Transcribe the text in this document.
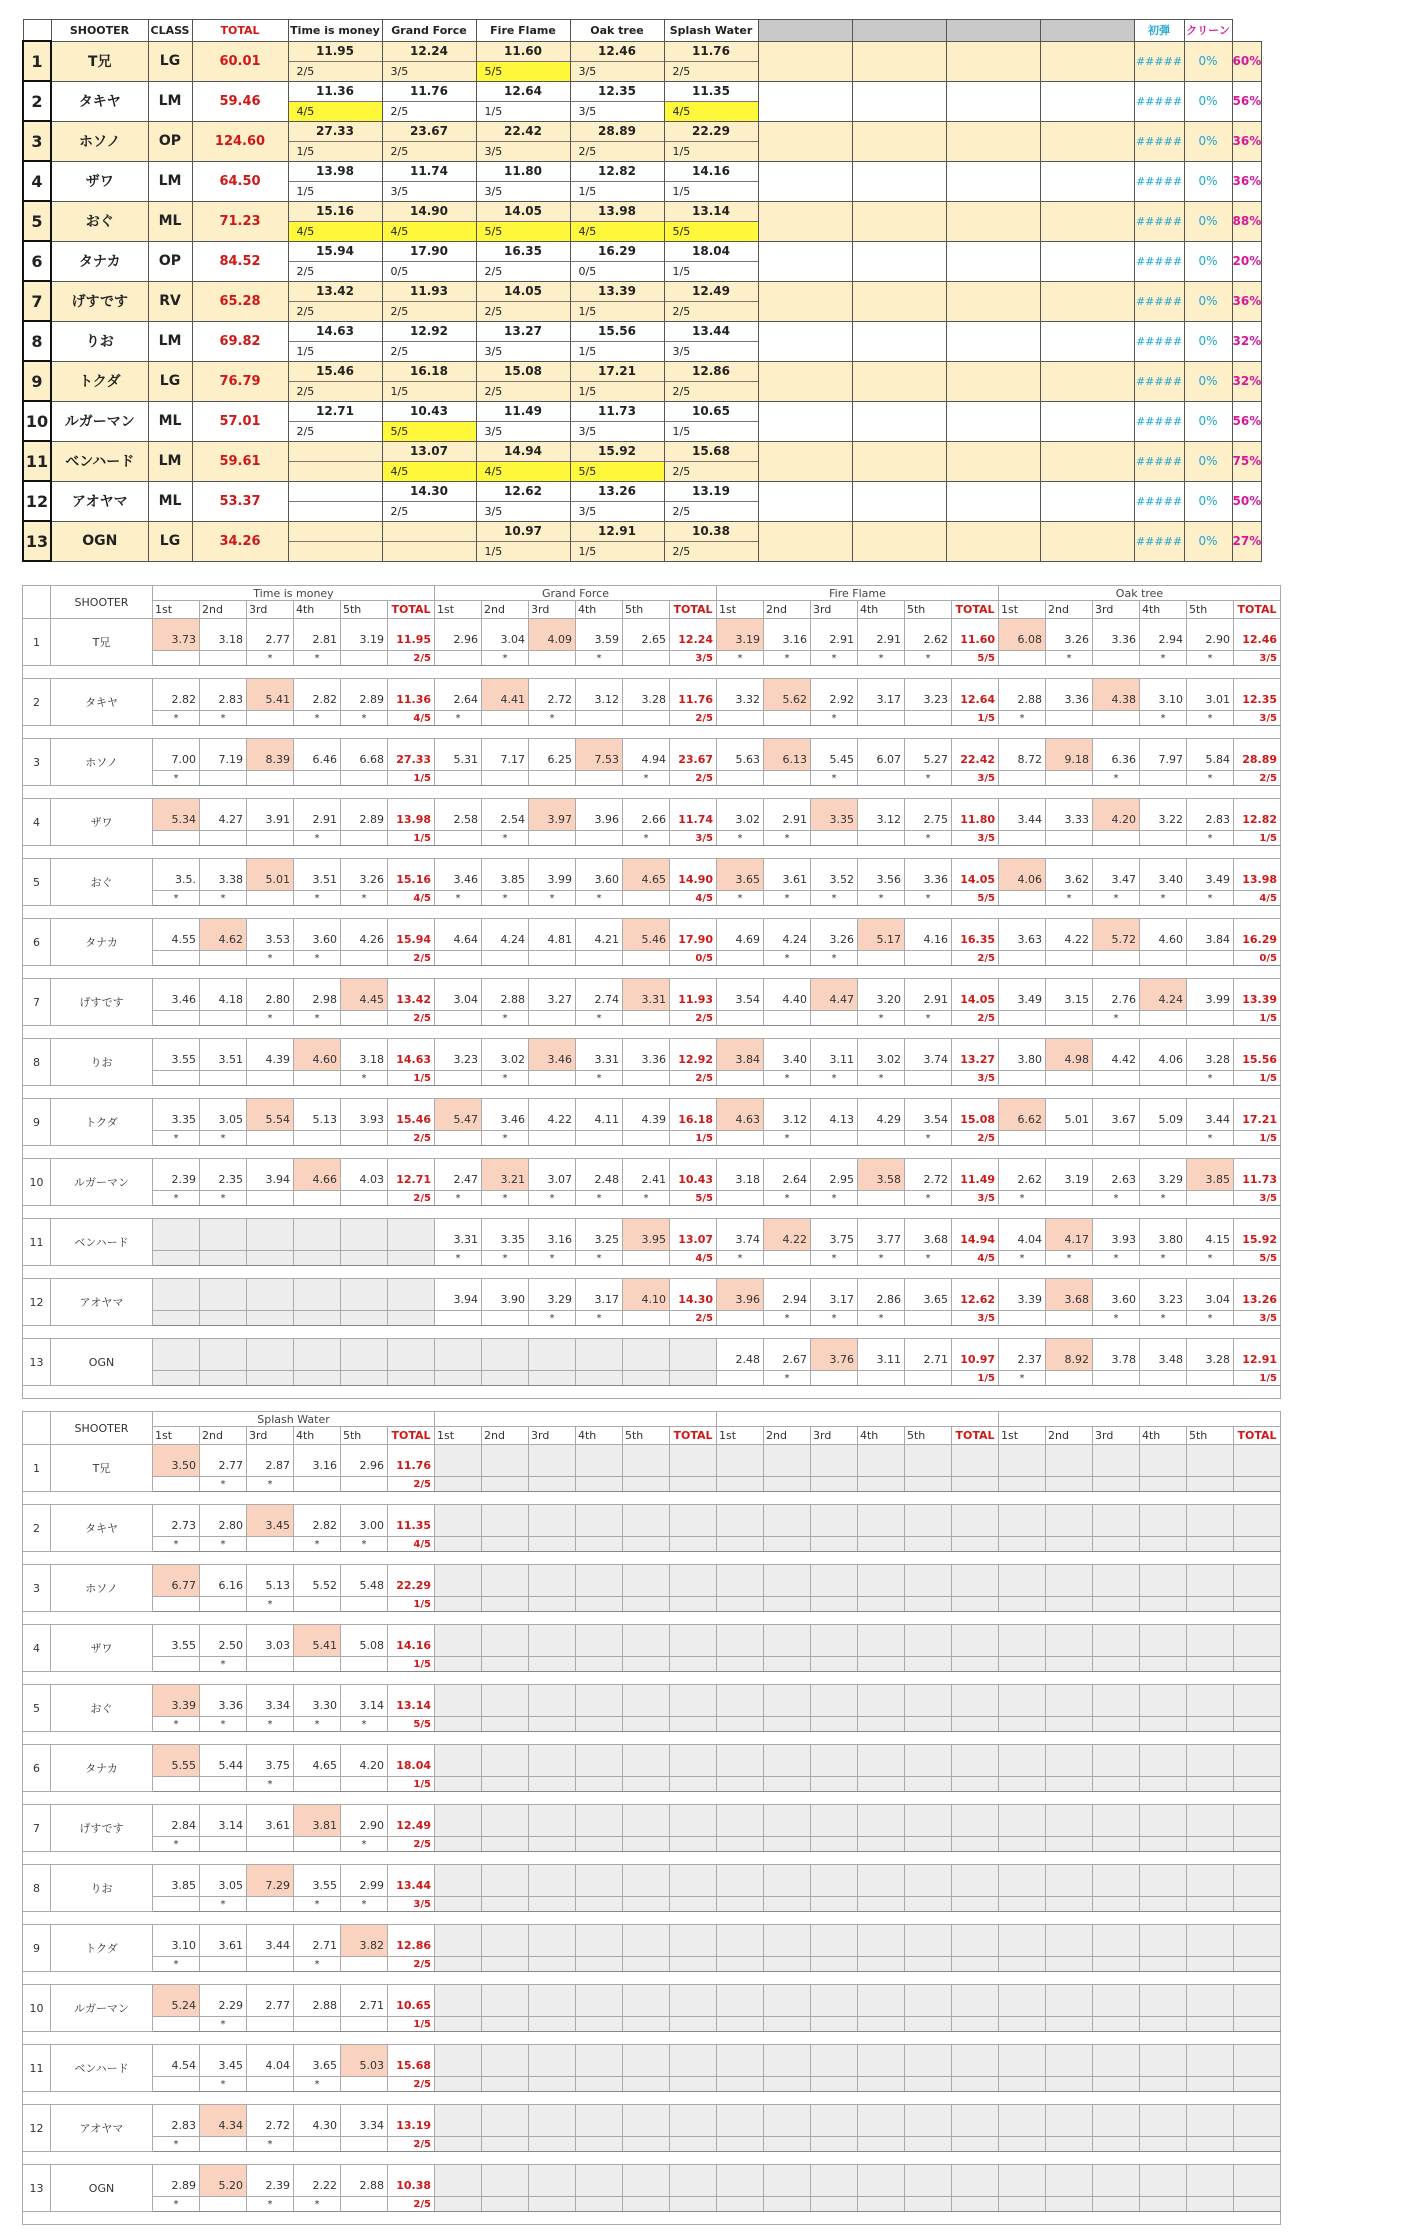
	SHOOTER	CLASS	TOTAL	Time is money	Grand Force	Fire Flame	Oak tree	Splash Water					初弾	クリーン	
1	T兄	LG	60.01	11.95	12.24	11.60	12.46	11.76					#####	0%	60%
				2/5	3/5	5/5	3/5	2/5							
2	タキヤ	LM	59.46	11.36	11.76	12.64	12.35	11.35					#####	0%	56%
				4/5	2/5	1/5	3/5	4/5							
3	ホソノ	OP	124.60	27.33	23.67	22.42	28.89	22.29					#####	0%	36%
				1/5	2/5	3/5	2/5	1/5							
4	ザワ	LM	64.50	13.98	11.74	11.80	12.82	14.16					#####	0%	36%
				1/5	3/5	3/5	1/5	1/5							
5	おぐ	ML	71.23	15.16	14.90	14.05	13.98	13.14					#####	0%	88%
				4/5	4/5	5/5	4/5	5/5							
6	タナカ	OP	84.52	15.94	17.90	16.35	16.29	18.04					#####	0%	20%
				2/5	0/5	2/5	0/5	1/5							
7	げすです	RV	65.28	13.42	11.93	14.05	13.39	12.49					#####	0%	36%
				2/5	2/5	2/5	1/5	2/5							
8	りお	LM	69.82	14.63	12.92	13.27	15.56	13.44					#####	0%	32%
				1/5	2/5	3/5	1/5	3/5							
9	トクダ	LG	76.79	15.46	16.18	15.08	17.21	12.86					#####	0%	32%
				2/5	1/5	2/5	1/5	2/5							
10	ルガーマン	ML	57.01	12.71	10.43	11.49	11.73	10.65					#####	0%	56%
				2/5	5/5	3/5	3/5	1/5							
11	ベンハード	LM	59.61		13.07	14.94	15.92	15.68					#####	0%	75%
					4/5	4/5	5/5	2/5							
12	アオヤマ	ML	53.37		14.30	12.62	13.26	13.19					#####	0%	50%
					2/5	3/5	3/5	2/5							
13	OGN	LG	34.26			10.97	12.91	10.38					#####	0%	27%
						1/5	1/5	2/5							
	SHOOTER	Time is money						Grand Force						Fire Flame						Oak tree					
		1st	2nd	3rd	4th	5th	TOTAL	1st	2nd	3rd	4th	5th	TOTAL	1st	2nd	3rd	4th	5th	TOTAL	1st	2nd	3rd	4th	5th	TOTAL
1	T兄	3.73	3.18	2.77	2.81	3.19	11.95	2.96	3.04	4.09	3.59	2.65	12.24	3.19	3.16	2.91	2.91	2.62	11.60	6.08	3.26	3.36	2.94	2.90	12.46
				*	*		2/5		*		*		3/5	*	*	*	*	*	5/5		*		*	*	3/5

2	タキヤ	2.82	2.83	5.41	2.82	2.89	11.36	2.64	4.41	2.72	3.12	3.28	11.76	3.32	5.62	2.92	3.17	3.23	12.64	2.88	3.36	4.38	3.10	3.01	12.35
		*	*		*	*	4/5	*		*			2/5			*			1/5	*			*	*	3/5

3	ホソノ	7.00	7.19	8.39	6.46	6.68	27.33	5.31	7.17	6.25	7.53	4.94	23.67	5.63	6.13	5.45	6.07	5.27	22.42	8.72	9.18	6.36	7.97	5.84	28.89
		*					1/5					*	2/5			*		*	3/5			*		*	2/5

4	ザワ	5.34	4.27	3.91	2.91	2.89	13.98	2.58	2.54	3.97	3.96	2.66	11.74	3.02	2.91	3.35	3.12	2.75	11.80	3.44	3.33	4.20	3.22	2.83	12.82
					*		1/5		*			*	3/5	*	*			*	3/5					*	1/5

5	おぐ	3.5.	3.38	5.01	3.51	3.26	15.16	3.46	3.85	3.99	3.60	4.65	14.90	3.65	3.61	3.52	3.56	3.36	14.05	4.06	3.62	3.47	3.40	3.49	13.98
		*	*		*	*	4/5	*	*	*	*		4/5	*	*	*	*	*	5/5		*	*	*	*	4/5

6	タナカ	4.55	4.62	3.53	3.60	4.26	15.94	4.64	4.24	4.81	4.21	5.46	17.90	4.69	4.24	3.26	5.17	4.16	16.35	3.63	4.22	5.72	4.60	3.84	16.29
				*	*		2/5						0/5		*	*			2/5						0/5

7	げすです	3.46	4.18	2.80	2.98	4.45	13.42	3.04	2.88	3.27	2.74	3.31	11.93	3.54	4.40	4.47	3.20	2.91	14.05	3.49	3.15	2.76	4.24	3.99	13.39
				*	*		2/5		*		*		2/5				*	*	2/5			*			1/5

8	りお	3.55	3.51	4.39	4.60	3.18	14.63	3.23	3.02	3.46	3.31	3.36	12.92	3.84	3.40	3.11	3.02	3.74	13.27	3.80	4.98	4.42	4.06	3.28	15.56
						*	1/5		*		*		2/5		*	*	*		3/5					*	1/5

9	トクダ	3.35	3.05	5.54	5.13	3.93	15.46	5.47	3.46	4.22	4.11	4.39	16.18	4.63	3.12	4.13	4.29	3.54	15.08	6.62	5.01	3.67	5.09	3.44	17.21
		*	*				2/5		*				1/5		*			*	2/5					*	1/5

10	ルガーマン	2.39	2.35	3.94	4.66	4.03	12.71	2.47	3.21	3.07	2.48	2.41	10.43	3.18	2.64	2.95	3.58	2.72	11.49	2.62	3.19	2.63	3.29	3.85	11.73
		*	*				2/5	*	*	*	*	*	5/5		*	*		*	3/5	*		*	*		3/5

11	ベンハード							3.31	3.35	3.16	3.25	3.95	13.07	3.74	4.22	3.75	3.77	3.68	14.94	4.04	4.17	3.93	3.80	4.15	15.92
								*	*	*	*		4/5	*		*	*	*	4/5	*	*	*	*	*	5/5

12	アオヤマ							3.94	3.90	3.29	3.17	4.10	14.30	3.96	2.94	3.17	2.86	3.65	12.62	3.39	3.68	3.60	3.23	3.04	13.26
										*	*		2/5		*	*	*		3/5			*	*	*	3/5

13	OGN													2.48	2.67	3.76	3.11	2.71	10.97	2.37	8.92	3.78	3.48	3.28	12.91
															*				1/5	*					1/5

	SHOOTER	Splash Water																							
		1st	2nd	3rd	4th	5th	TOTAL	1st	2nd	3rd	4th	5th	TOTAL	1st	2nd	3rd	4th	5th	TOTAL	1st	2nd	3rd	4th	5th	TOTAL
1	T兄	3.50	2.77	2.87	3.16	2.96	11.76																		
			*	*			2/5																		

2	タキヤ	2.73	2.80	3.45	2.82	3.00	11.35																		
		*	*		*	*	4/5																		

3	ホソノ	6.77	6.16	5.13	5.52	5.48	22.29																		
				*			1/5																		

4	ザワ	3.55	2.50	3.03	5.41	5.08	14.16																		
			*				1/5																		

5	おぐ	3.39	3.36	3.34	3.30	3.14	13.14																		
		*	*	*	*	*	5/5																		

6	タナカ	5.55	5.44	3.75	4.65	4.20	18.04																		
				*			1/5																		

7	げすです	2.84	3.14	3.61	3.81	2.90	12.49																		
		*				*	2/5																		

8	りお	3.85	3.05	7.29	3.55	2.99	13.44																		
			*		*	*	3/5																		

9	トクダ	3.10	3.61	3.44	2.71	3.82	12.86																		
		*			*		2/5																		

10	ルガーマン	5.24	2.29	2.77	2.88	2.71	10.65																		
			*				1/5																		

11	ベンハード	4.54	3.45	4.04	3.65	5.03	15.68																		
			*		*		2/5																		

12	アオヤマ	2.83	4.34	2.72	4.30	3.34	13.19																		
		*		*			2/5																		

13	OGN	2.89	5.20	2.39	2.22	2.88	10.38																		
		*		*	*		2/5																		
